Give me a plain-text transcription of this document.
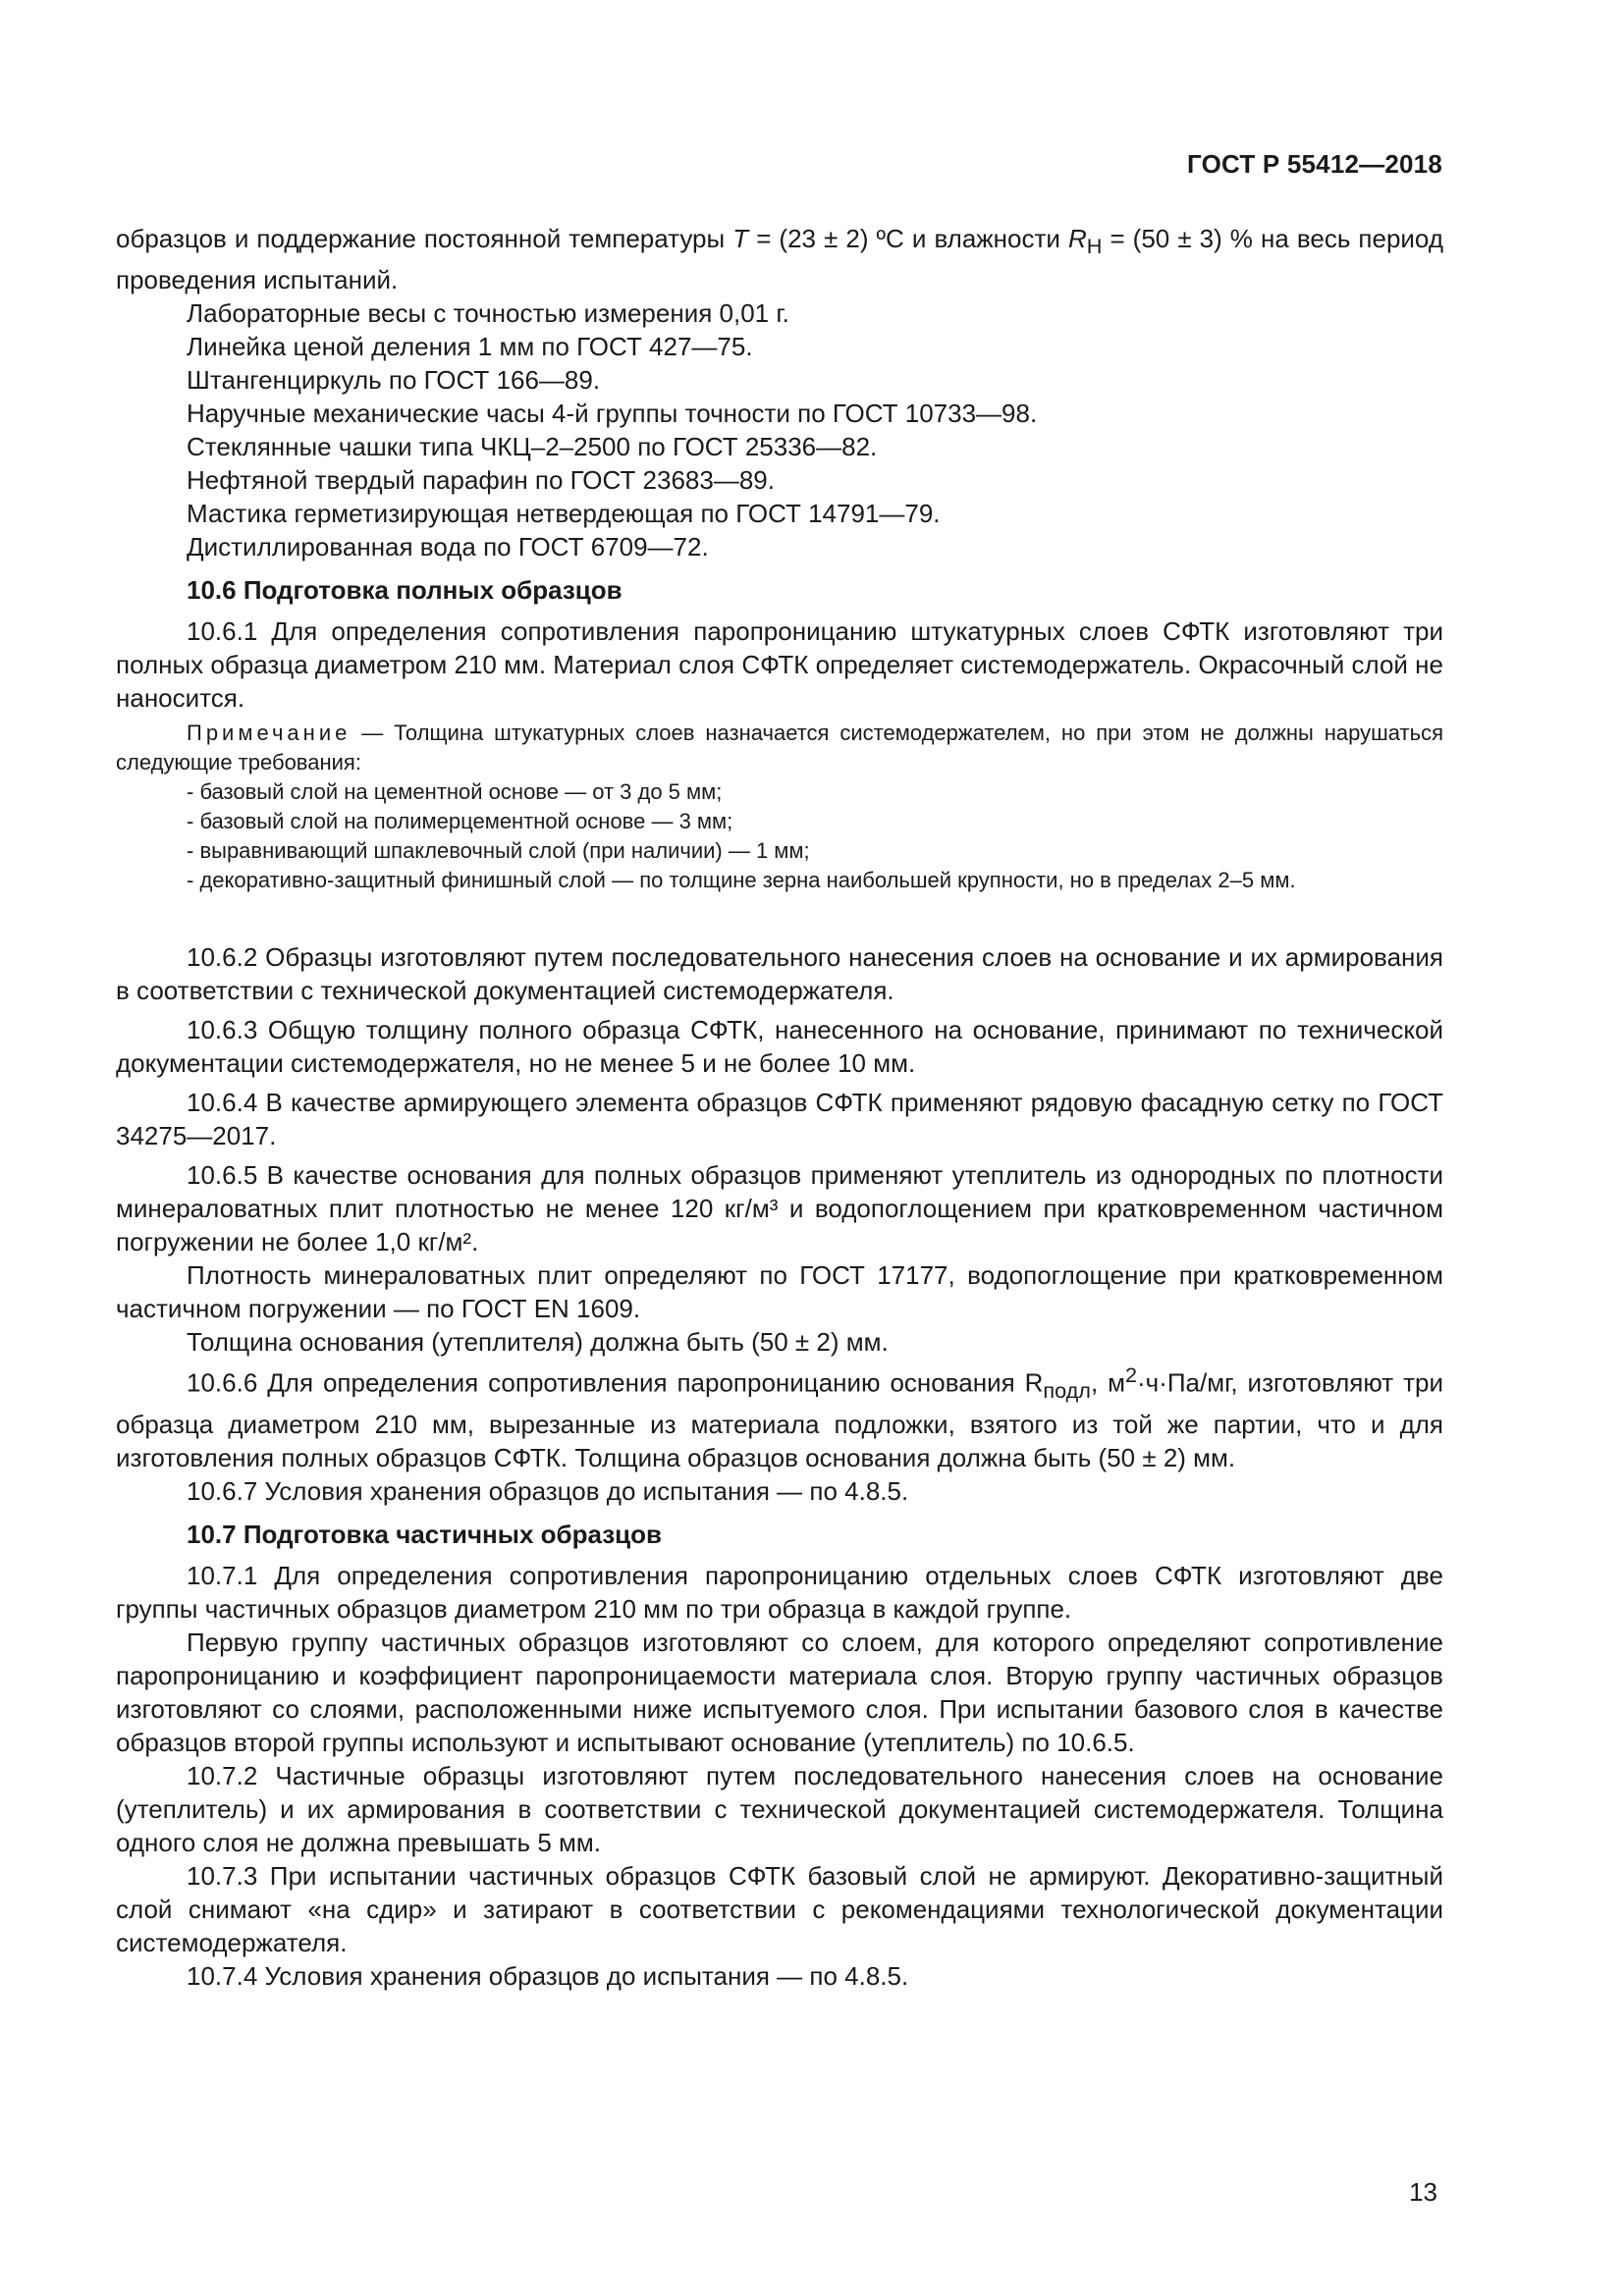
ГОСТ Р 55412—2018

образцов и поддержание постоянной температуры T = (23 ± 2) ºС и влажности $R_Н = (50 \pm 3)$ % на весь период проведения испытаний.

Лабораторные весы с точностью измерения 0,01 г.

Линейка ценой деления 1 мм по ГОСТ 427—75.

Штангенциркуль по ГОСТ 166—89.

Наручные механические часы 4-й группы точности по ГОСТ 10733—98.

Стеклянные чашки типа ЧКЦ–2–2500 по ГОСТ 25336—82.

Нефтяной твердый парафин по ГОСТ 23683—89.

Мастика герметизирующая нетвердеющая по ГОСТ 14791—79.

Дистиллированная вода по ГОСТ 6709—72.

10.6 Подготовка полных образцов

10.6.1 Для определения сопротивления паропроницанию штукатурных слоев СФТК изготовляют три полных образца диаметром 210 мм. Материал слоя СФТК определяет системодержатель. Окрасочный слой не наносится.

Примечание — Толщина штукатурных слоев назначается системодержателем, но при этом не должны нарушаться следующие требования:

- базовый слой на цементной основе — от 3 до 5 мм;

- базовый слой на полимерцементной основе — 3 мм;

- выравнивающий шпаклевочный слой (при наличии) — 1 мм;

- декоративно-защитный финишный слой — по толщине зерна наибольшей крупности, но в пределах 2–5 мм.

10.6.2 Образцы изготовляют путем последовательного нанесения слоев на основание и их армирования в соответствии с технической документацией системодержателя.

10.6.3 Общую толщину полного образца СФТК, нанесенного на основание, принимают по технической документации системодержателя, но не менее 5 и не более 10 мм.

10.6.4 В качестве армирующего элемента образцов СФТК применяют рядовую фасадную сетку по ГОСТ 34275—2017.

10.6.5 В качестве основания для полных образцов применяют утеплитель из однородных по плотности минераловатных плит плотностью не менее 120 кг/м³ и водопоглощением при кратковременном частичном погружении не более 1,0 кг/м².

Плотность минераловатных плит определяют по ГОСТ 17177, водопоглощение при кратковременном частичном погружении — по ГОСТ EN 1609.

Толщина основания (утеплителя) должна быть (50 ± 2) мм.

10.6.6 Для определения сопротивления паропроницанию основания $R_{подл}$, $м^2\cdot ч\cdot Па/мг$, изготовляют три образца диаметром 210 мм, вырезанные из материала подложки, взятого из той же партии, что и для изготовления полных образцов СФТК. Толщина образцов основания должна быть (50 ± 2) мм.

10.6.7 Условия хранения образцов до испытания — по 4.8.5.

10.7 Подготовка частичных образцов

10.7.1 Для определения сопротивления паропроницанию отдельных слоев СФТК изготовляют две группы частичных образцов диаметром 210 мм по три образца в каждой группе.

Первую группу частичных образцов изготовляют со слоем, для которого определяют сопротивление паропроницанию и коэффициент паропроницаемости материала слоя. Вторую группу частичных образцов изготовляют со слоями, расположенными ниже испытуемого слоя. При испытании базового слоя в качестве образцов второй группы используют и испытывают основание (утеплитель) по 10.6.5.

10.7.2 Частичные образцы изготовляют путем последовательного нанесения слоев на основание (утеплитель) и их армирования в соответствии с технической документацией системодержателя. Толщина одного слоя не должна превышать 5 мм.

10.7.3 При испытании частичных образцов СФТК базовый слой не армируют. Декоративно-защитный слой снимают «на сдир» и затирают в соответствии с рекомендациями технологической документации системодержателя.

10.7.4 Условия хранения образцов до испытания — по 4.8.5.

13
